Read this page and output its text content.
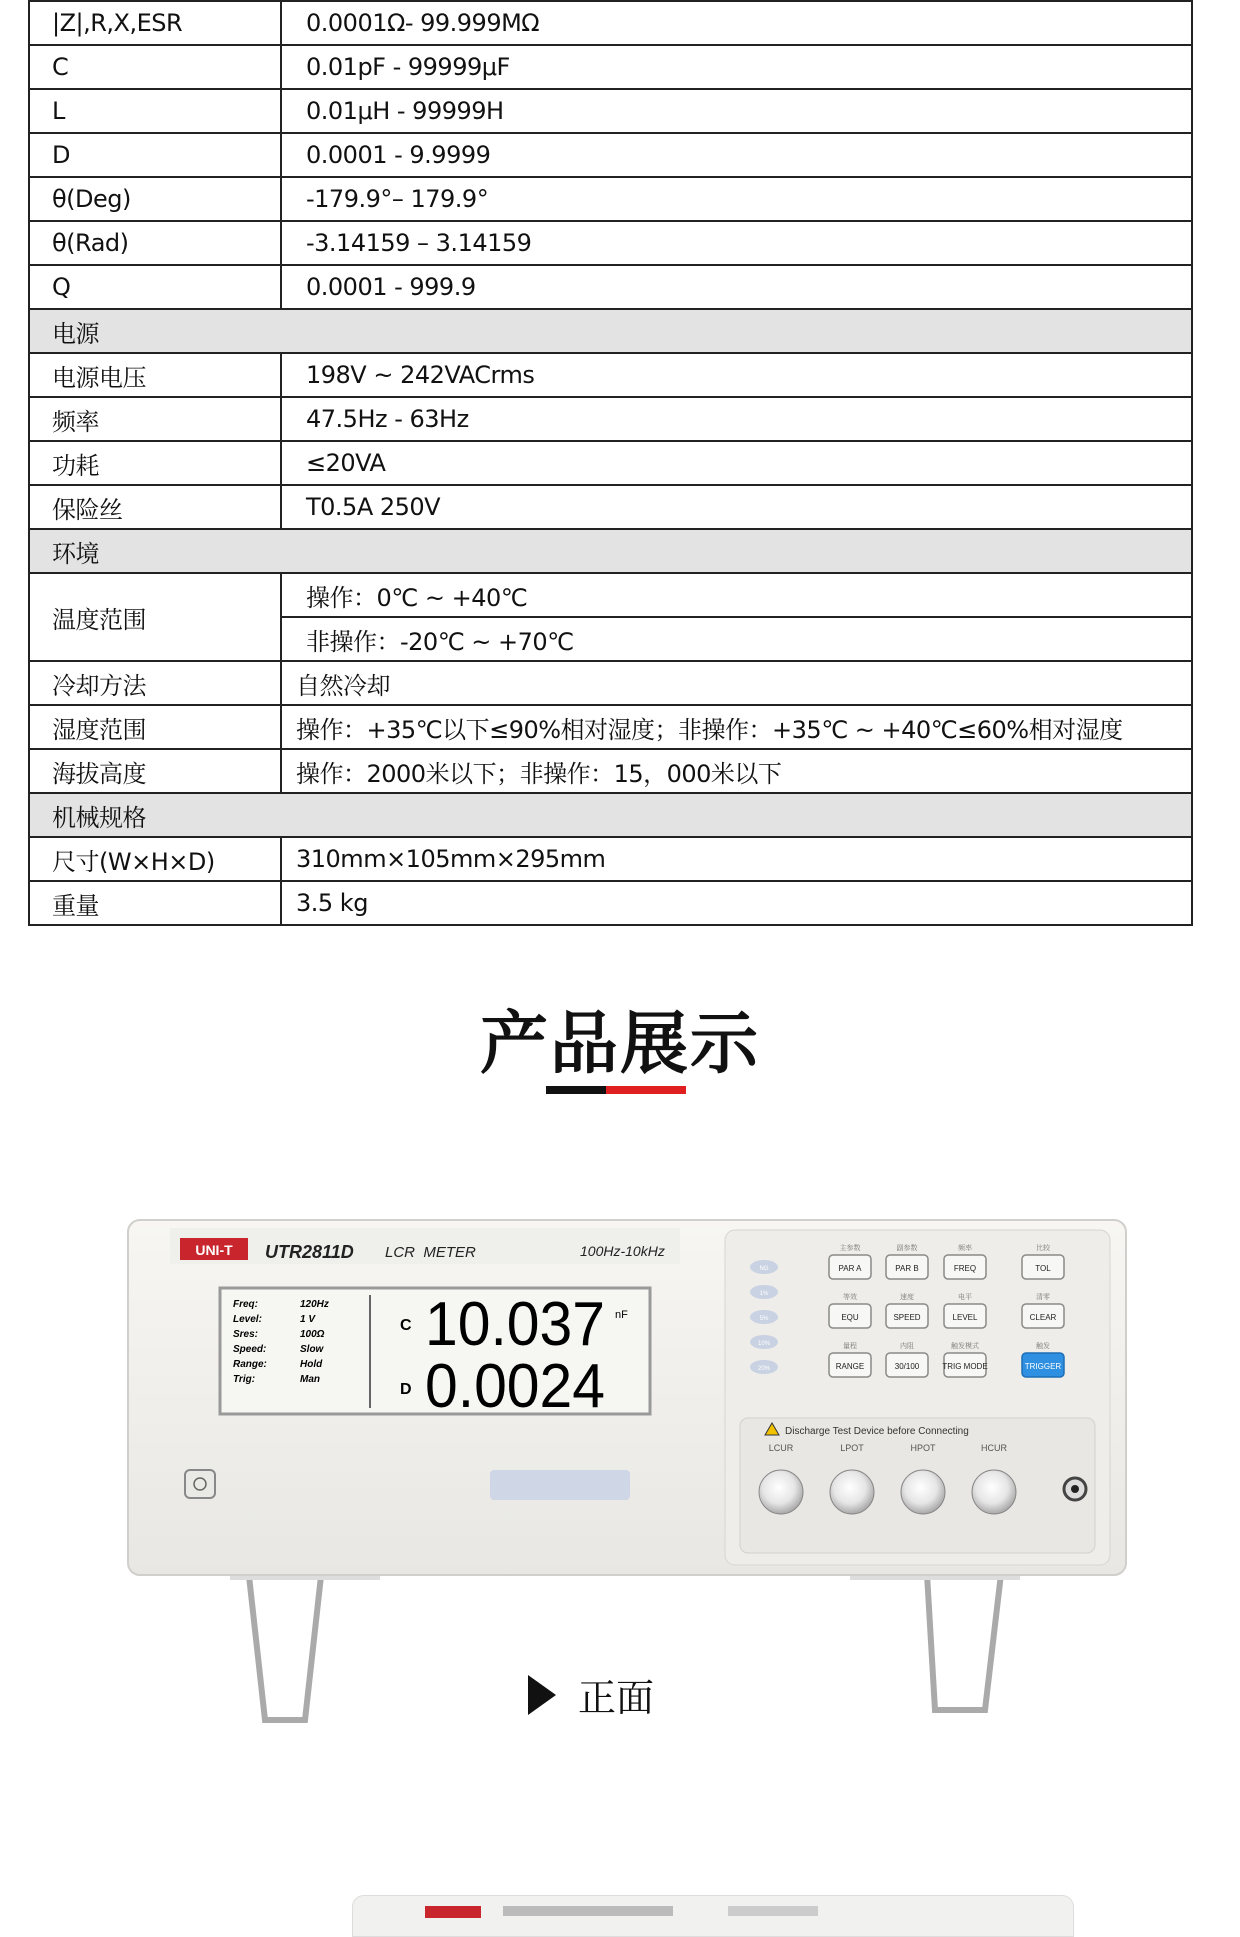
|Z|,R,X,ESR	0.0001Ω- 99.999MΩ
C	0.01pF - 99999μF
L	0.01μH - 99999H
D	0.0001 - 9.9999
θ(Deg)	-179.9°– 179.9°
θ(Rad)	-3.14159 – 3.14159
Q	0.0001 - 999.9
电源	
电源电压	198V ~ 242VACrms
频率	47.5Hz - 63Hz
功耗	≤20VA
保险丝	T0.5A 250V
环境	
温度范围	操作：0℃ ~ +40℃
	非操作：-20℃ ~ +70℃
冷却方法	自然冷却
湿度范围	操作：+35℃以下≤90%相对湿度；非操作：+35℃ ~ +40℃≤60%相对湿度
海拔高度	操作：2000米以下；非操作：15，000米以下
机械规格	
尺寸(W×H×D)	310mm×105mm×295mm
重量	3.5 kg
产品展示
UNI-T UTR2811D LCR  METER	100Hz-10kHz
Freq:	120Hz
Level:	1 V
Sres:	100Ω
Speed:	Slow
Range:	Hold
Trig:	Man
C 10.037 nF
D 0.0024
NG
1%
5%
10%
20%
主参数
PAR A
副参数
PAR B
频率
FREQ
比较
TOL
等效
EQU
速度
SPEED
电平
LEVEL
清零
CLEAR
量程
RANGE
内阻
30/100
触发模式
TRIG MODE
触发
TRIGGER
Discharge Test Device before Connecting
LCUR	LPOT	HPOT	HCUR
正面
